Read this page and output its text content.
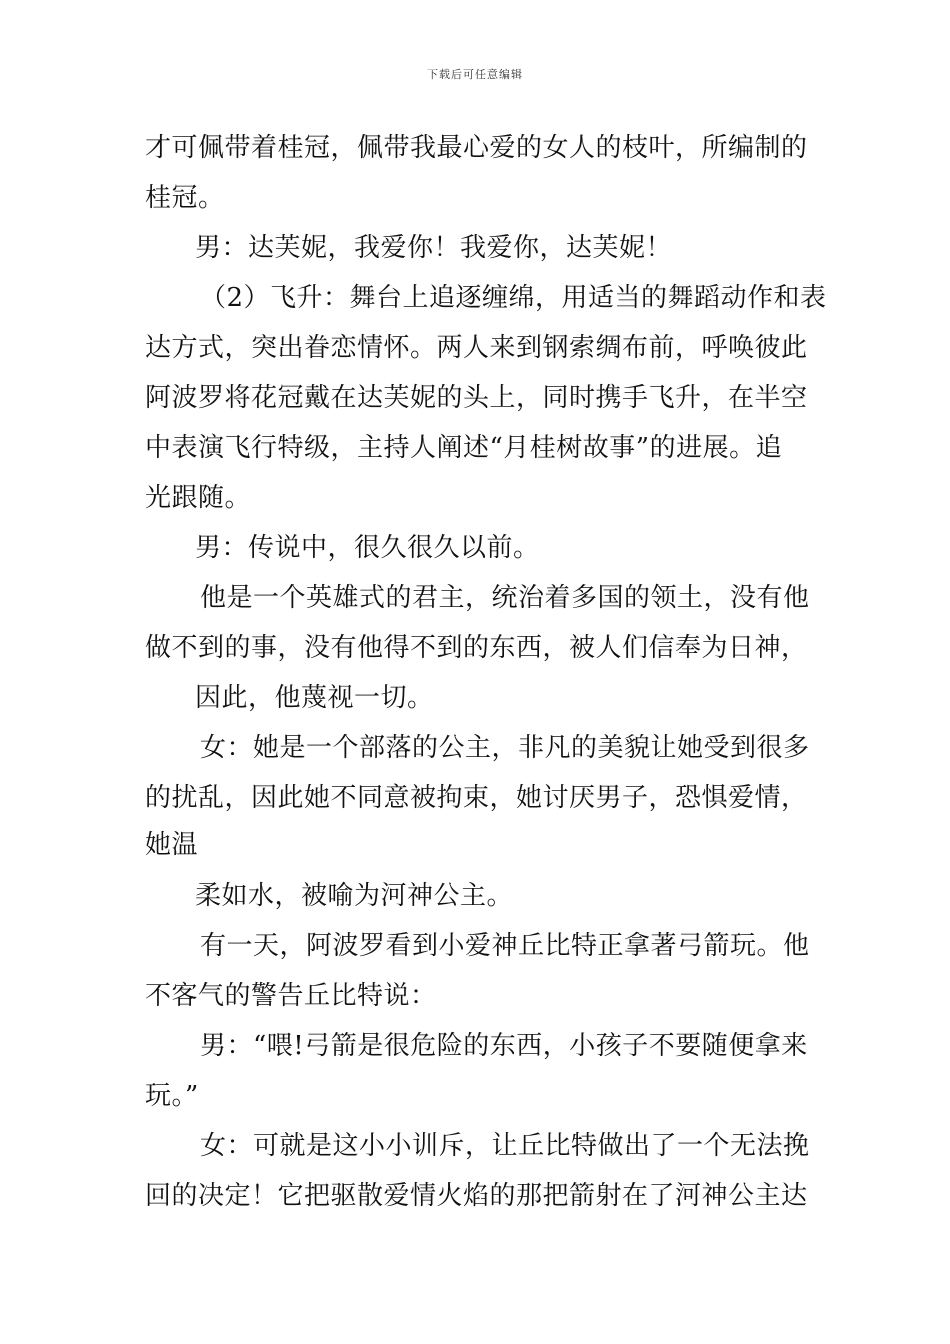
下载后可任意编辑
才可佩带着桂冠，佩带我最心爱的女人的枝叶，所编制的
桂冠。
男：达芙妮，我爱你！我爱你，达芙妮！
（2）飞升：舞台上追逐缠绵，用适当的舞蹈动作和表
达方式，突出眷恋情怀。两人来到钢索绸布前，呼唤彼此
阿波罗将花冠戴在达芙妮的头上，同时携手飞升，在半空
中表演飞行特级，主持人阐述“月桂树故事”的进展。追
光跟随。
男：传说中，很久很久以前。
他是一个英雄式的君主，统治着多国的领土，没有他
做不到的事，没有他得不到的东西，被人们信奉为日神，
因此，他蔑视一切。
女：她是一个部落的公主，非凡的美貌让她受到很多
的扰乱，因此她不同意被拘束，她讨厌男子，恐惧爱情，
她温
柔如水，被喻为河神公主。
有一天，阿波罗看到小爱神丘比特正拿著弓箭玩。他
不客气的警告丘比特说：
男：“喂!弓箭是很危险的东西，小孩子不要随便拿来
玩。”
女：可就是这小小训斥，让丘比特做出了一个无法挽
回的决定！它把驱散爱情火焰的那把箭射在了河神公主达
